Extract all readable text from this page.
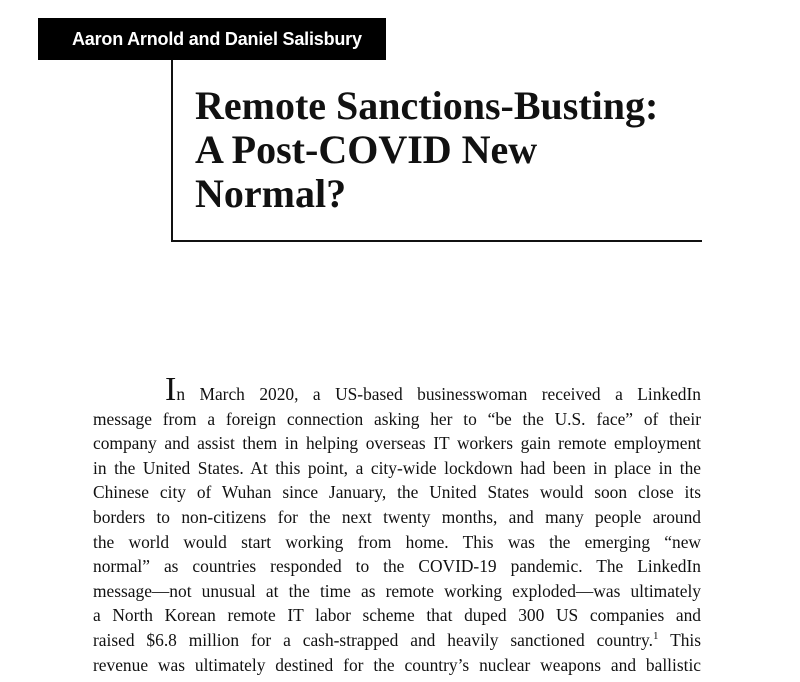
Aaron Arnold and Daniel Salisbury
Remote Sanctions-Busting:
A Post-COVID New
Normal?
In March 2020, a US-based businesswoman received a LinkedIn
message from a foreign connection asking her to “be the U.S. face” of their
company and assist them in helping overseas IT workers gain remote employment
in the United States. At this point, a city-wide lockdown had been in place in the
Chinese city of Wuhan since January, the United States would soon close its
borders to non-citizens for the next twenty months, and many people around
the world would start working from home. This was the emerging “new
normal” as countries responded to the COVID-19 pandemic. The LinkedIn
message—not unusual at the time as remote working exploded—was ultimately
a North Korean remote IT labor scheme that duped 300 US companies and
raised $6.8 million for a cash-strapped and heavily sanctioned country.$^1$ This
revenue was ultimately destined for the country’s nuclear weapons and ballistic
